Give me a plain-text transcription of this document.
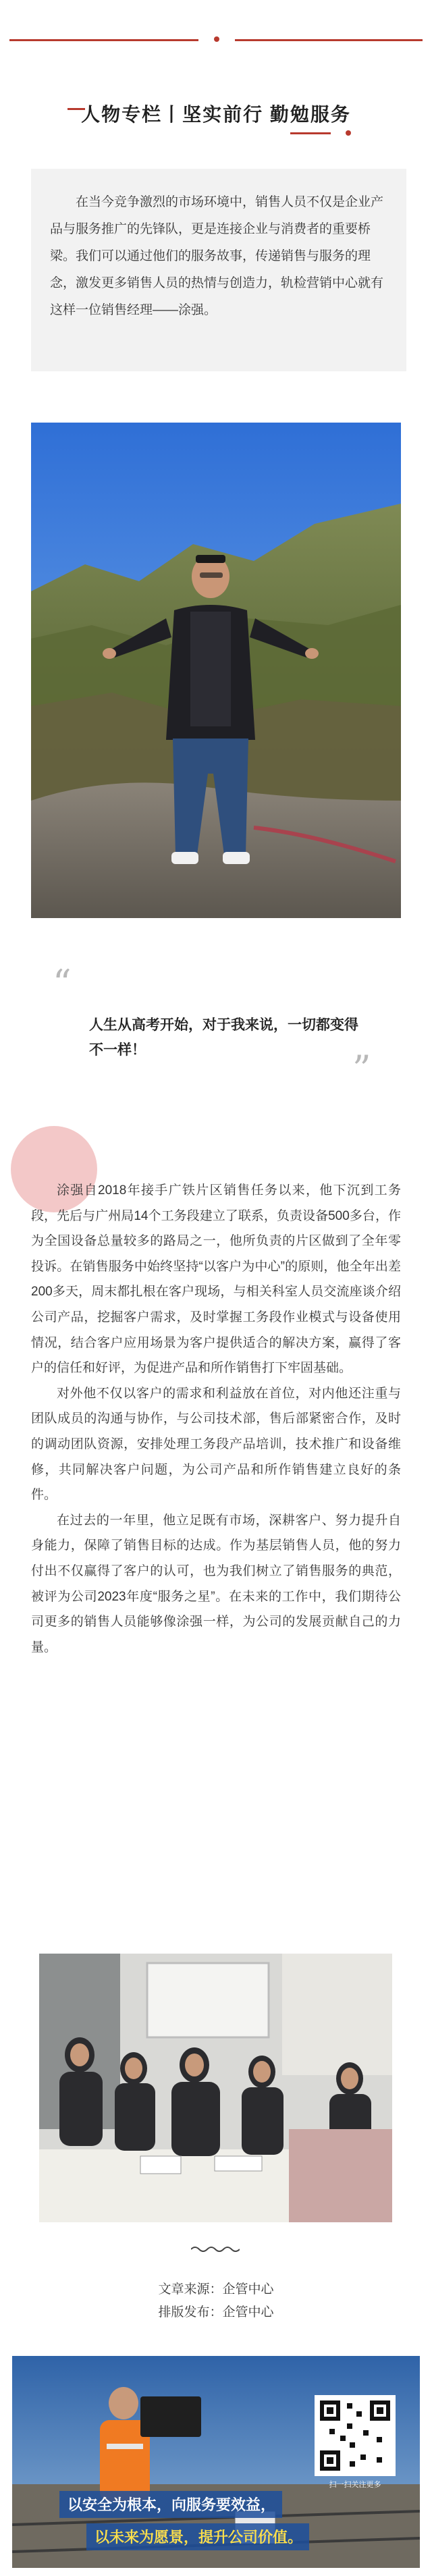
人物专栏丨坚实前行 勤勉服务

在当今竞争激烈的市场环境中，销售人员不仅是企业产品与服务推广的先锋队，更是连接企业与消费者的重要桥梁。我们可以通过他们的服务故事，传递销售与服务的理念，激发更多销售人员的热情与创造力，轨检营销中心就有这样一位销售经理——涂强。

“
人生从高考开始，对于我来说，一切都变得不一样！	”

涂强自2018年接手广铁片区销售任务以来，他下沉到工务段，先后与广州局14个工务段建立了联系，负责设备500多台，作为全国设备总量较多的路局之一，他所负责的片区做到了全年零投诉。在销售服务中始终坚持“以客户为中心”的原则，他全年出差200多天，周末都扎根在客户现场，与相关科室人员交流座谈介绍公司产品，挖掘客户需求，及时掌握工务段作业模式与设备使用情况，结合客户应用场景为客户提供适合的解决方案，赢得了客户的信任和好评，为促进产品和所作销售打下牢固基础。

对外他不仅以客户的需求和利益放在首位，对内他还注重与团队成员的沟通与协作，与公司技术部，售后部紧密合作，及时的调动团队资源，安排处理工务段产品培训，技术推广和设备维修，共同解决客户问题，为公司产品和所作销售建立良好的条件。

在过去的一年里，他立足既有市场，深耕客户、努力提升自身能力，保障了销售目标的达成。作为基层销售人员，他的努力付出不仅赢得了客户的认可，也为我们树立了销售服务的典范，被评为公司2023年度“服务之星”。在未来的工作中，我们期待公司更多的销售人员能够像涂强一样，为公司的发展贡献自己的力量。

文章来源：企管中心
排版发布：企管中心
扫一扫关注更多
以安全为根本，向服务要效益，
以未来为愿景，提升公司价值。
